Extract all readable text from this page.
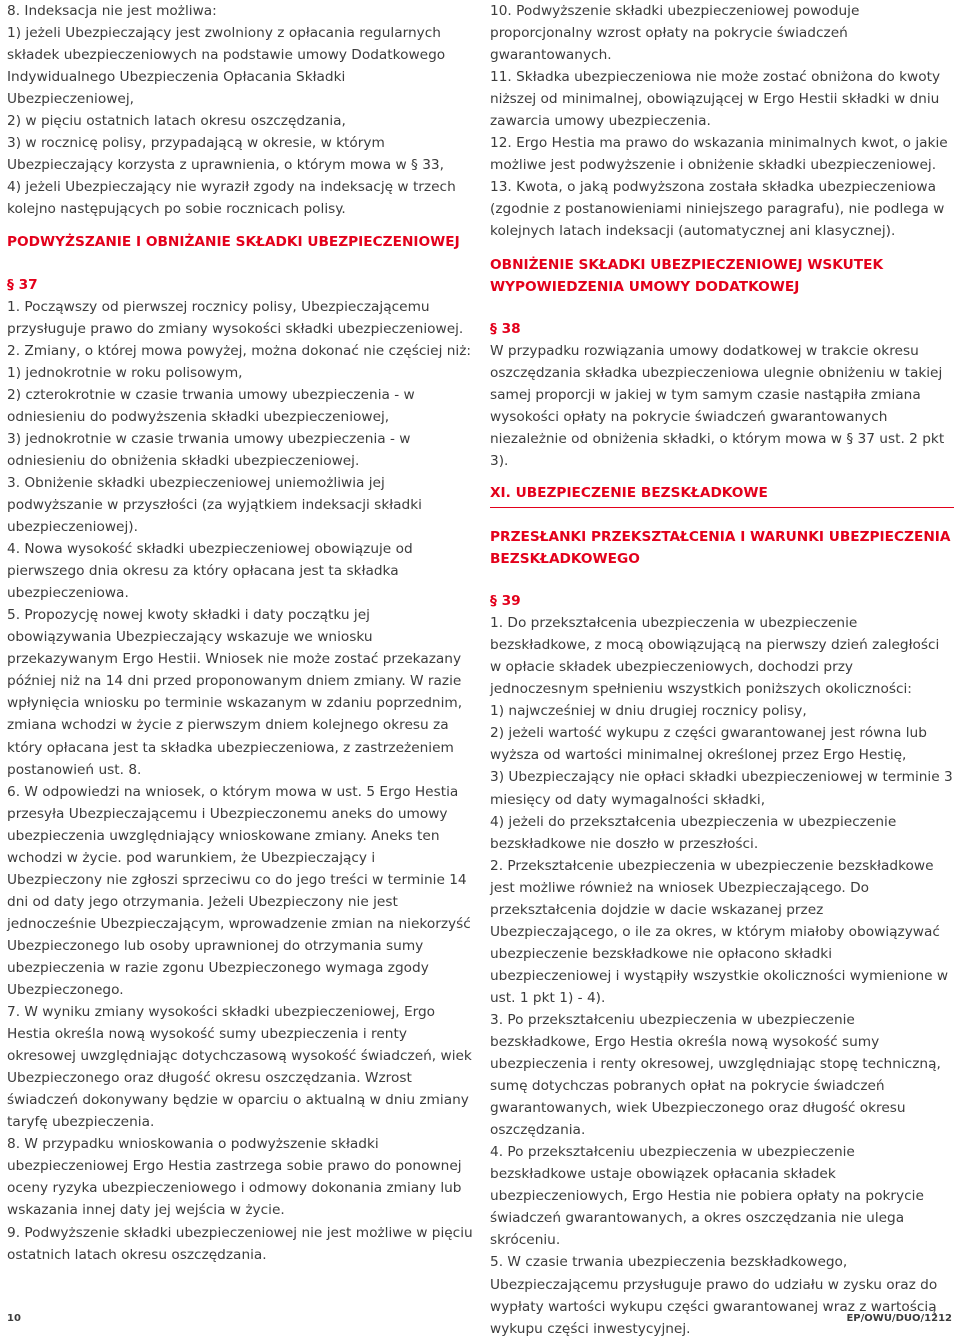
8. Indeksacja nie jest możliwa:
1) jeżeli Ubezpieczający jest zwolniony z opłacania regularnych składek ubezpieczeniowych na podstawie umowy Dodatkowego Indywidualnego Ubezpieczenia Opłacania Składki Ubezpieczeniowej,
2) w pięciu ostatnich latach okresu oszczędzania,
3) w rocznicę polisy, przypadającą w okresie, w którym Ubezpieczający korzysta z uprawnienia, o którym mowa w § 33,
4) jeżeli Ubezpieczający nie wyraził zgody na indeksację w trzech kolejno następujących po sobie rocznicach polisy.

PODWYŻSZANIE I OBNIŻANIE SKŁADKI UBEZPIECZENIOWEJ
§ 37

1. Począwszy od pierwszej rocznicy polisy, Ubezpieczającemu przysługuje prawo do zmiany wysokości składki ubezpieczeniowej.
2. Zmiany, o której mowa powyżej, można dokonać nie częściej niż:
1) jednokrotnie w roku polisowym,
2) czterokrotnie w czasie trwania umowy ubezpieczenia - w odniesieniu do podwyższenia składki ubezpieczeniowej,
3) jednokrotnie w czasie trwania umowy ubezpieczenia - w odniesieniu do obniżenia składki ubezpieczeniowej.
3. Obniżenie składki ubezpieczeniowej uniemożliwia jej podwyższanie w przyszłości (za wyjątkiem indeksacji składki ubezpieczeniowej).
4. Nowa wysokość składki ubezpieczeniowej obowiązuje od pierwszego dnia okresu za który opłacana jest ta składka ubezpieczeniowa.
5. Propozycję nowej kwoty składki i daty początku jej obowiązywania Ubezpieczający wskazuje we wniosku przekazywanym Ergo Hestii. Wniosek nie może zostać przekazany później niż na 14 dni przed proponowanym dniem zmiany. W razie wpłynięcia wniosku po terminie wskazanym w zdaniu poprzednim, zmiana wchodzi w życie z pierwszym dniem kolejnego okresu za który opłacana jest ta składka ubezpieczeniowa, z zastrzeżeniem postanowień ust. 8.
6. W odpowiedzi na wniosek, o którym mowa w ust. 5 Ergo Hestia przesyła Ubezpieczającemu i Ubezpieczonemu aneks do umowy ubezpieczenia uwzględniający wnioskowane zmiany. Aneks ten wchodzi w życie. pod warunkiem, że Ubezpieczający i Ubezpieczony nie zgłoszi sprzeciwu co do jego treści w terminie 14 dni od daty jego otrzymania. Jeżeli Ubezpieczony nie jest jednocześnie Ubezpieczającym, wprowadzenie zmian na niekorzyść Ubezpieczonego lub osoby uprawnionej do otrzymania sumy ubezpieczenia w razie zgonu Ubezpieczonego wymaga zgody Ubezpieczonego.
7. W wyniku zmiany wysokości składki ubezpieczeniowej, Ergo Hestia określa nową wysokość sumy ubezpieczenia i renty okresowej uwzględniając dotychczasową wysokość świadczeń, wiek Ubezpieczonego oraz długość okresu oszczędzania. Wzrost świadczeń dokonywany będzie w oparciu o aktualną w dniu zmiany taryfę ubezpieczenia.
8. W przypadku wnioskowania o podwyższenie składki ubezpieczeniowej Ergo Hestia zastrzega sobie prawo do ponownej oceny ryzyka ubezpieczeniowego i odmowy dokonania zmiany lub wskazania innej daty jej wejścia w życie.
9. Podwyższenie składki ubezpieczeniowej nie jest możliwe w pięciu ostatnich latach okresu oszczędzania.

10. Podwyższenie składki ubezpieczeniowej powoduje proporcjonalny wzrost opłaty na pokrycie świadczeń gwarantowanych.
11. Składka ubezpieczeniowa nie może zostać obniżona do kwoty niższej od minimalnej, obowiązującej w Ergo Hestii składki w dniu zawarcia umowy ubezpieczenia.
12. Ergo Hestia ma prawo do wskazania minimalnych kwot, o jakie możliwe jest podwyższenie i obniżenie składki ubezpieczeniowej.
13. Kwota, o jaką podwyższona została składka ubezpieczeniowa (zgodnie z postanowieniami niniejszego paragrafu), nie podlega w kolejnych latach indeksacji (automatycznej ani klasycznej).

OBNIŻENIE SKŁADKI UBEZPIECZENIOWEJ WSKUTEK WYPOWIEDZENIA UMOWY DODATKOWEJ
§ 38

W przypadku rozwiązania umowy dodatkowej w trakcie okresu oszczędzania składka ubezpieczeniowa ulegnie obniżeniu w takiej samej proporcji w jakiej w tym samym czasie nastąpiła zmiana wysokości opłaty na pokrycie świadczeń gwarantowanych niezależnie od obniżenia składki, o którym mowa w § 37 ust. 2 pkt 3).

XI. UBEZPIECZENIE BEZSKŁADKOWE
PRZESŁANKI PRZEKSZTAŁCENIA I WARUNKI UBEZPIECZENIA BEZSKŁADKOWEGO
§ 39

1. Do przekształcenia ubezpieczenia w ubezpieczenie bezskładkowe, z mocą obowiązującą na pierwszy dzień zaległości w opłacie składek ubezpieczeniowych, dochodzi przy jednoczesnym spełnieniu wszystkich poniższych okoliczności:
1) najwcześniej w dniu drugiej rocznicy polisy,
2) jeżeli wartość wykupu z części gwarantowanej jest równa lub wyższa od wartości minimalnej określonej przez Ergo Hestię,
3) Ubezpieczający nie opłaci składki ubezpieczeniowej w terminie 3 miesięcy od daty wymagalności składki,
4) jeżeli do przekształcenia ubezpieczenia w ubezpieczenie bezskładkowe nie doszło w przeszłości.
2. Przekształcenie ubezpieczenia w ubezpieczenie bezskładkowe jest możliwe również na wniosek Ubezpieczającego. Do przekształcenia dojdzie w dacie wskazanej przez Ubezpieczającego, o ile za okres, w którym miałoby obowiązywać ubezpieczenie bezskładkowe nie opłacono składki ubezpieczeniowej i wystąpiły wszystkie okoliczności wymienione w ust. 1 pkt 1) - 4).
3. Po przekształceniu ubezpieczenia w ubezpieczenie bezskładkowe, Ergo Hestia określa nową wysokość sumy ubezpieczenia i renty okresowej, uwzględniając stopę techniczną, sumę dotychczas pobranych opłat na pokrycie świadczeń gwarantowanych, wiek Ubezpieczonego oraz długość okresu oszczędzania.
4. Po przekształceniu ubezpieczenia w ubezpieczenie bezskładkowe ustaje obowiązek opłacania składek ubezpieczeniowych, Ergo Hestia nie pobiera opłaty na pokrycie świadczeń gwarantowanych, a okres oszczędzania nie ulega skróceniu.
5. W czasie trwania ubezpieczenia bezskładkowego, Ubezpieczającemu przysługuje prawo do udziału w zysku oraz do wypłaty wartości wykupu części gwarantowanej wraz z wartością wykupu części inwestycyjnej.

10	EP/OWU/DUO/1212
